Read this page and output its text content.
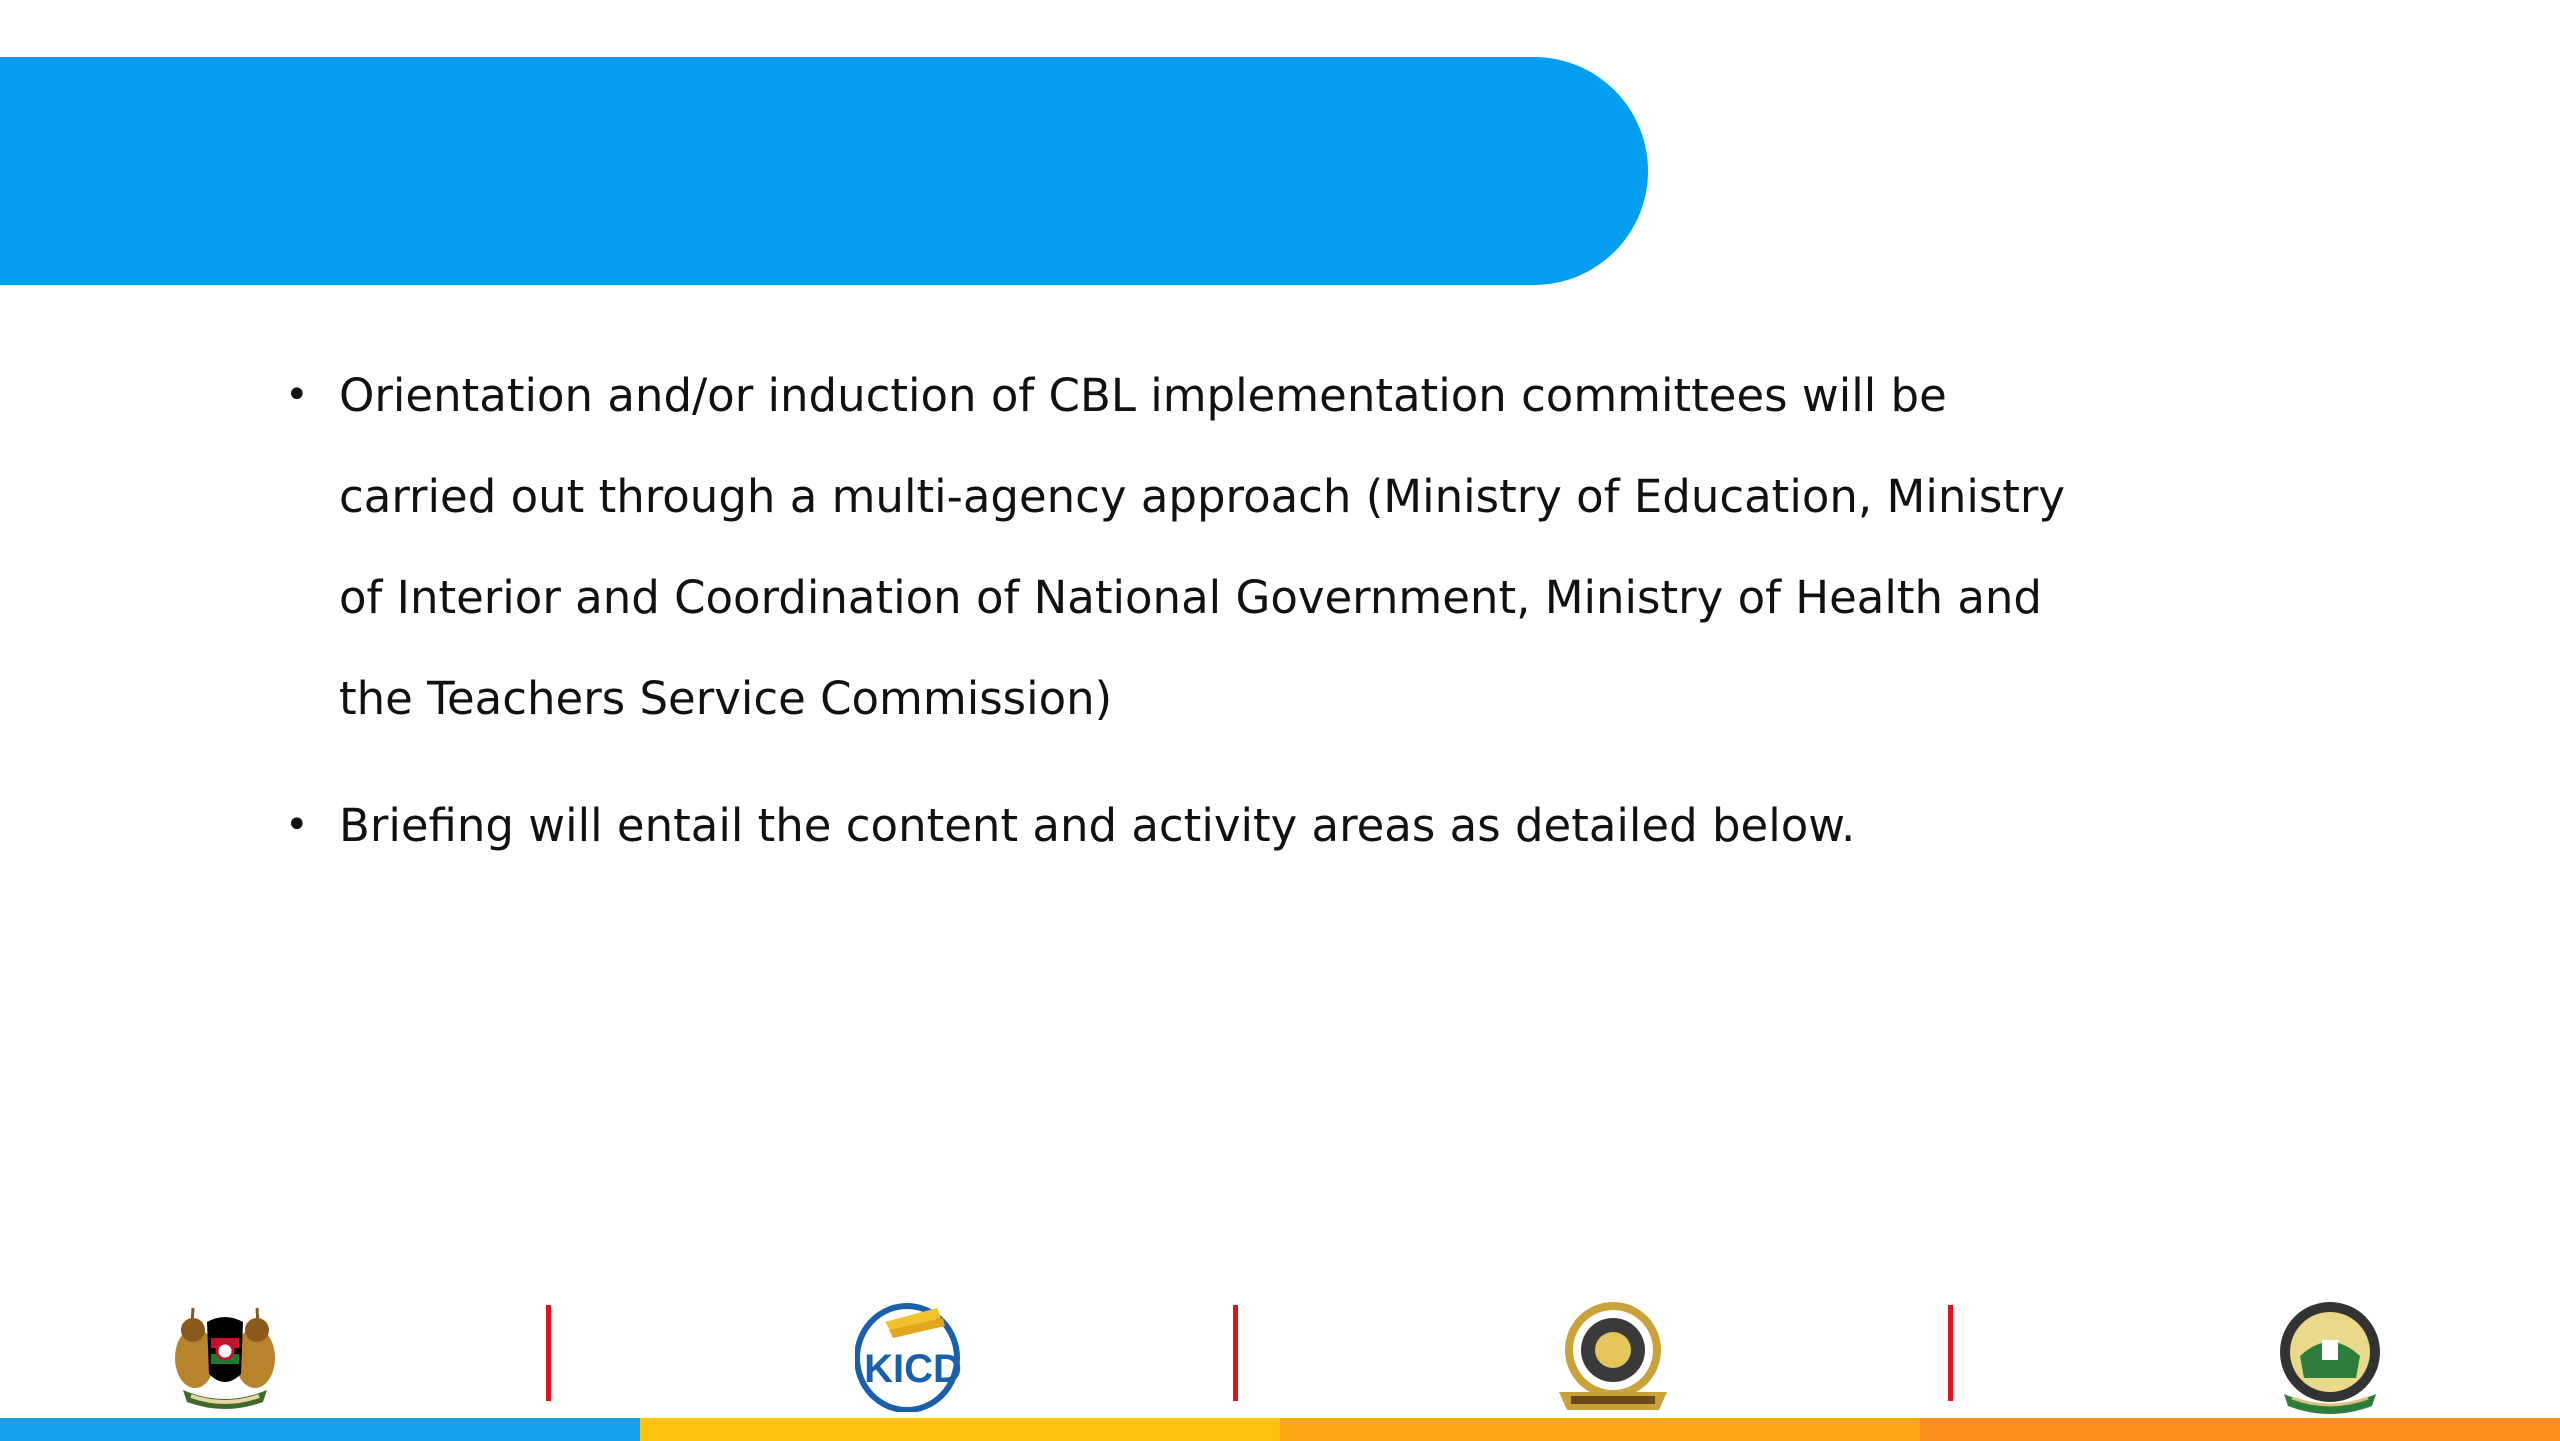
• Orientation and/or induction of CBL implementation committees will be carried out through a multi-agency approach (Ministry of Education, Ministry of Interior and Coordination of National Government, Ministry of Health and the Teachers Service Commission)
• Briefing will entail the content and activity areas as detailed below.
KICD
